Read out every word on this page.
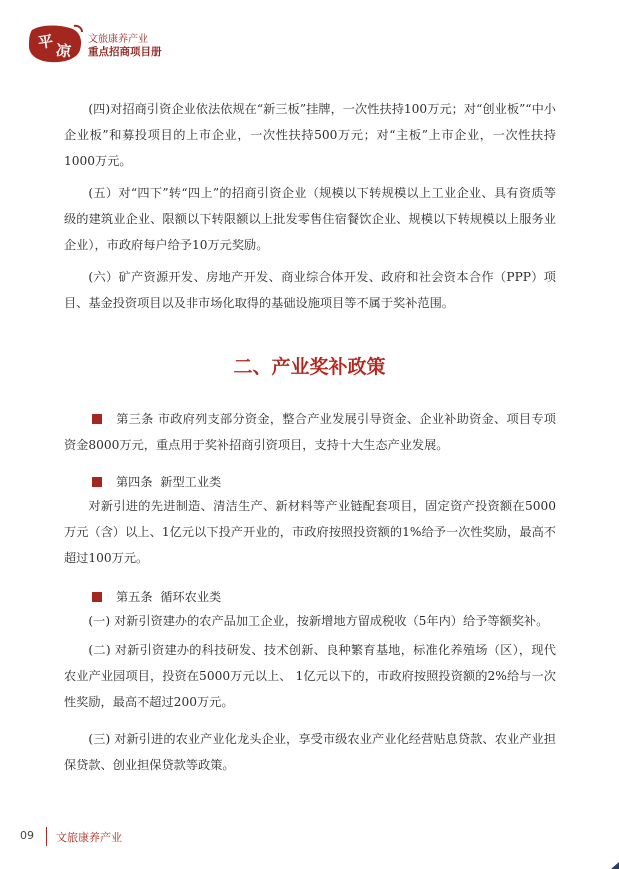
平 凉
文旅康养产业
重点招商项目册

(四)对招商引资企业依法依规在“新三板”挂牌，一次性扶持100万元；对“创业板”“中小企业板”和募投项目的上市企业，一次性扶持500万元；对“主板”上市企业，一次性扶持1000万元。

(五）对“四下”转“四上”的招商引资企业（规模以下转规模以上工业企业、具有资质等级的建筑业企业、限额以下转限额以上批发零售住宿餐饮企业、规模以下转规模以上服务业企业），市政府每户给予10万元奖励。

(六）矿产资源开发、房地产开发、商业综合体开发、政府和社会资本合作（PPP）项目、基金投资项目以及非市场化取得的基础设施项目等不属于奖补范围。

二、产业奖补政策

第三条 市政府列支部分资金，整合产业发展引导资金、企业补助资金、项目专项资金8000万元，重点用于奖补招商引资项目，支持十大生态产业发展。

第四条  新型工业类

对新引进的先进制造、清洁生产、新材料等产业链配套项目，固定资产投资额在5000万元（含）以上、1亿元以下投产开业的，市政府按照投资额的1%给予一次性奖励，最高不超过100万元。

第五条  循环农业类

(一) 对新引资建办的农产品加工企业，按新增地方留成税收（5年内）给予等额奖补。

(二) 对新引资建办的科技研发、技术创新、良种繁育基地，标准化养殖场（区），现代农业产业园项目，投资在5000万元以上、 1亿元以下的，市政府按照投资额的2%给与一次性奖励，最高不超过200万元。

(三) 对新引进的农业产业化龙头企业，享受市级农业产业化经营贴息贷款、农业产业担保贷款、创业担保贷款等政策。

09 文旅康养产业
